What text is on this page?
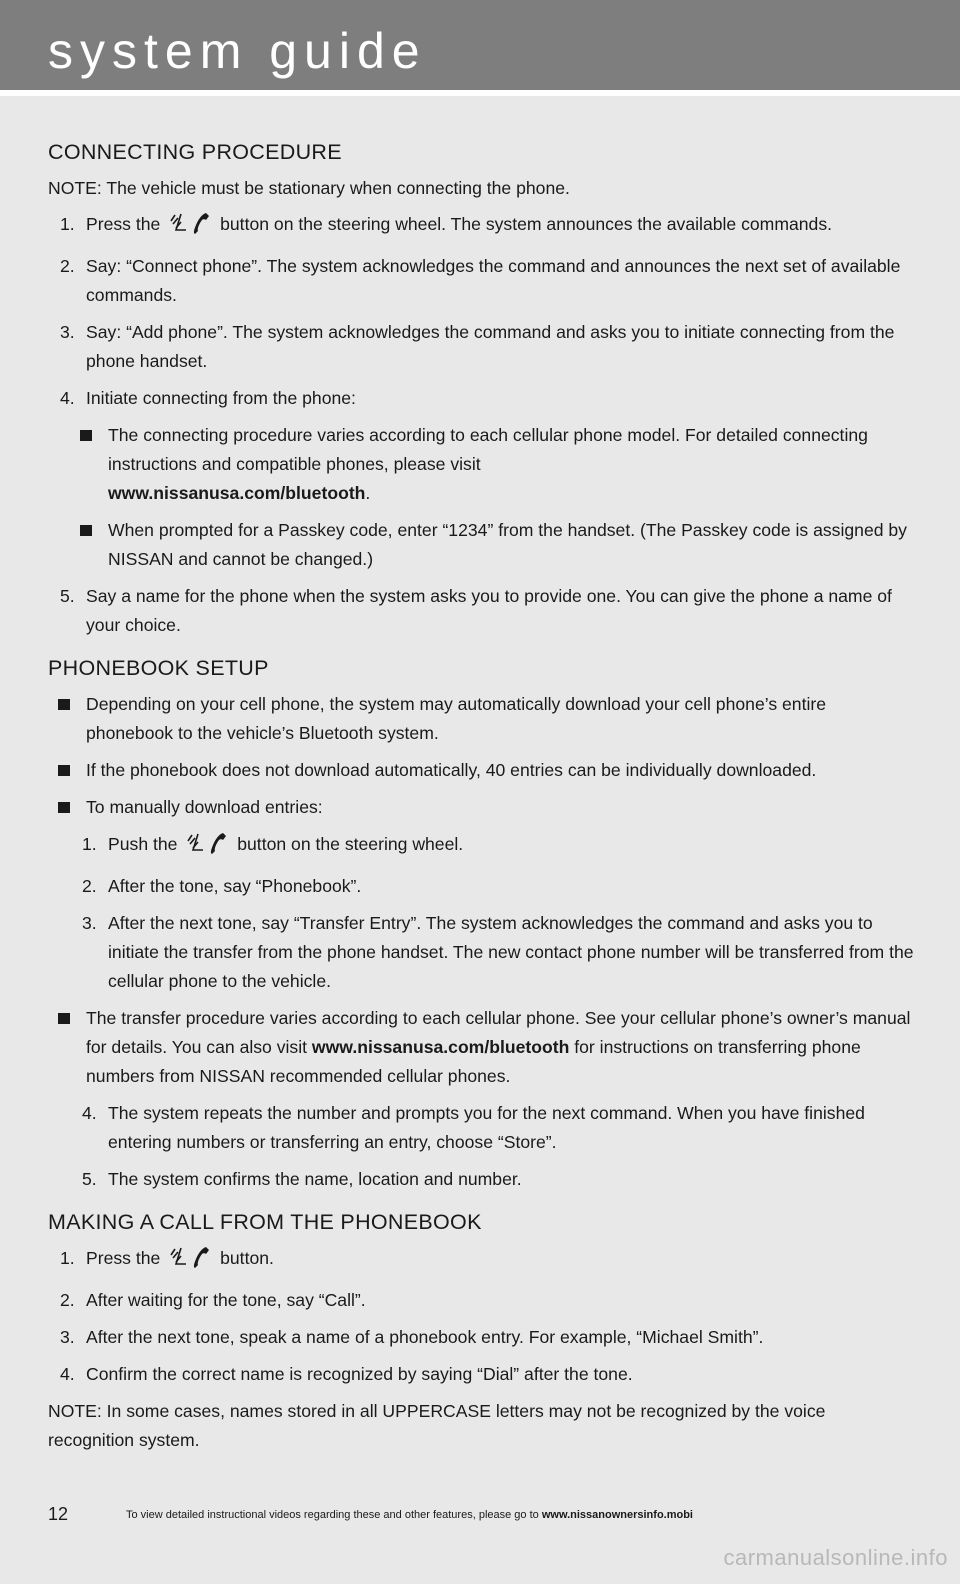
system guide
CONNECTING PROCEDURE

NOTE: The vehicle must be stationary when connecting the phone.

1. Press the	button on the steering wheel. The system announces the available commands.
2. Say: “Connect phone”. The system acknowledges the command and announces the next set of available commands.
3. Say: “Add phone”. The system acknowledges the command and asks you to initiate connecting from the phone handset.
4. Initiate connecting from the phone:
The connecting procedure varies according to each cellular phone model. For detailed connecting instructions and compatible phones, please visit
www.nissanusa.com/bluetooth.
When prompted for a Passkey code, enter “1234” from the handset. (The Passkey code is assigned by NISSAN and cannot be changed.)
5. Say a name for the phone when the system asks you to provide one. You can give the phone a name of your choice.
PHONEBOOK SETUP
Depending on your cell phone, the system may automatically download your cell phone’s entire phonebook to the vehicle’s Bluetooth system.
If the phonebook does not download automatically, 40 entries can be individually downloaded.
To manually download entries:
1. Push the	button on the steering wheel.
2. After the tone, say “Phonebook”.
3. After the next tone, say “Transfer Entry”. The system acknowledges the command and asks you to initiate the transfer from the phone handset. The new contact phone number will be transferred from the cellular phone to the vehicle.
The transfer procedure varies according to each cellular phone. See your cellular phone’s owner’s manual for details. You can also visit www.nissanusa.com/bluetooth for instructions on transferring phone numbers from NISSAN recommended cellular phones.
4. The system repeats the number and prompts you for the next command. When you have finished entering numbers or transferring an entry, choose “Store”.
5. The system confirms the name, location and number.
MAKING A CALL FROM THE PHONEBOOK
1. Press the	button.
2. After waiting for the tone, say “Call”.
3. After the next tone, speak a name of a phonebook entry. For example, “Michael Smith”.
4. Confirm the correct name is recognized by saying “Dial” after the tone.

NOTE: In some cases, names stored in all UPPERCASE letters may not be recognized by the voice recognition system.

12	To view detailed instructional videos regarding these and other features, please go to www.nissanownersinfo.mobi
carmanualsonline.info
